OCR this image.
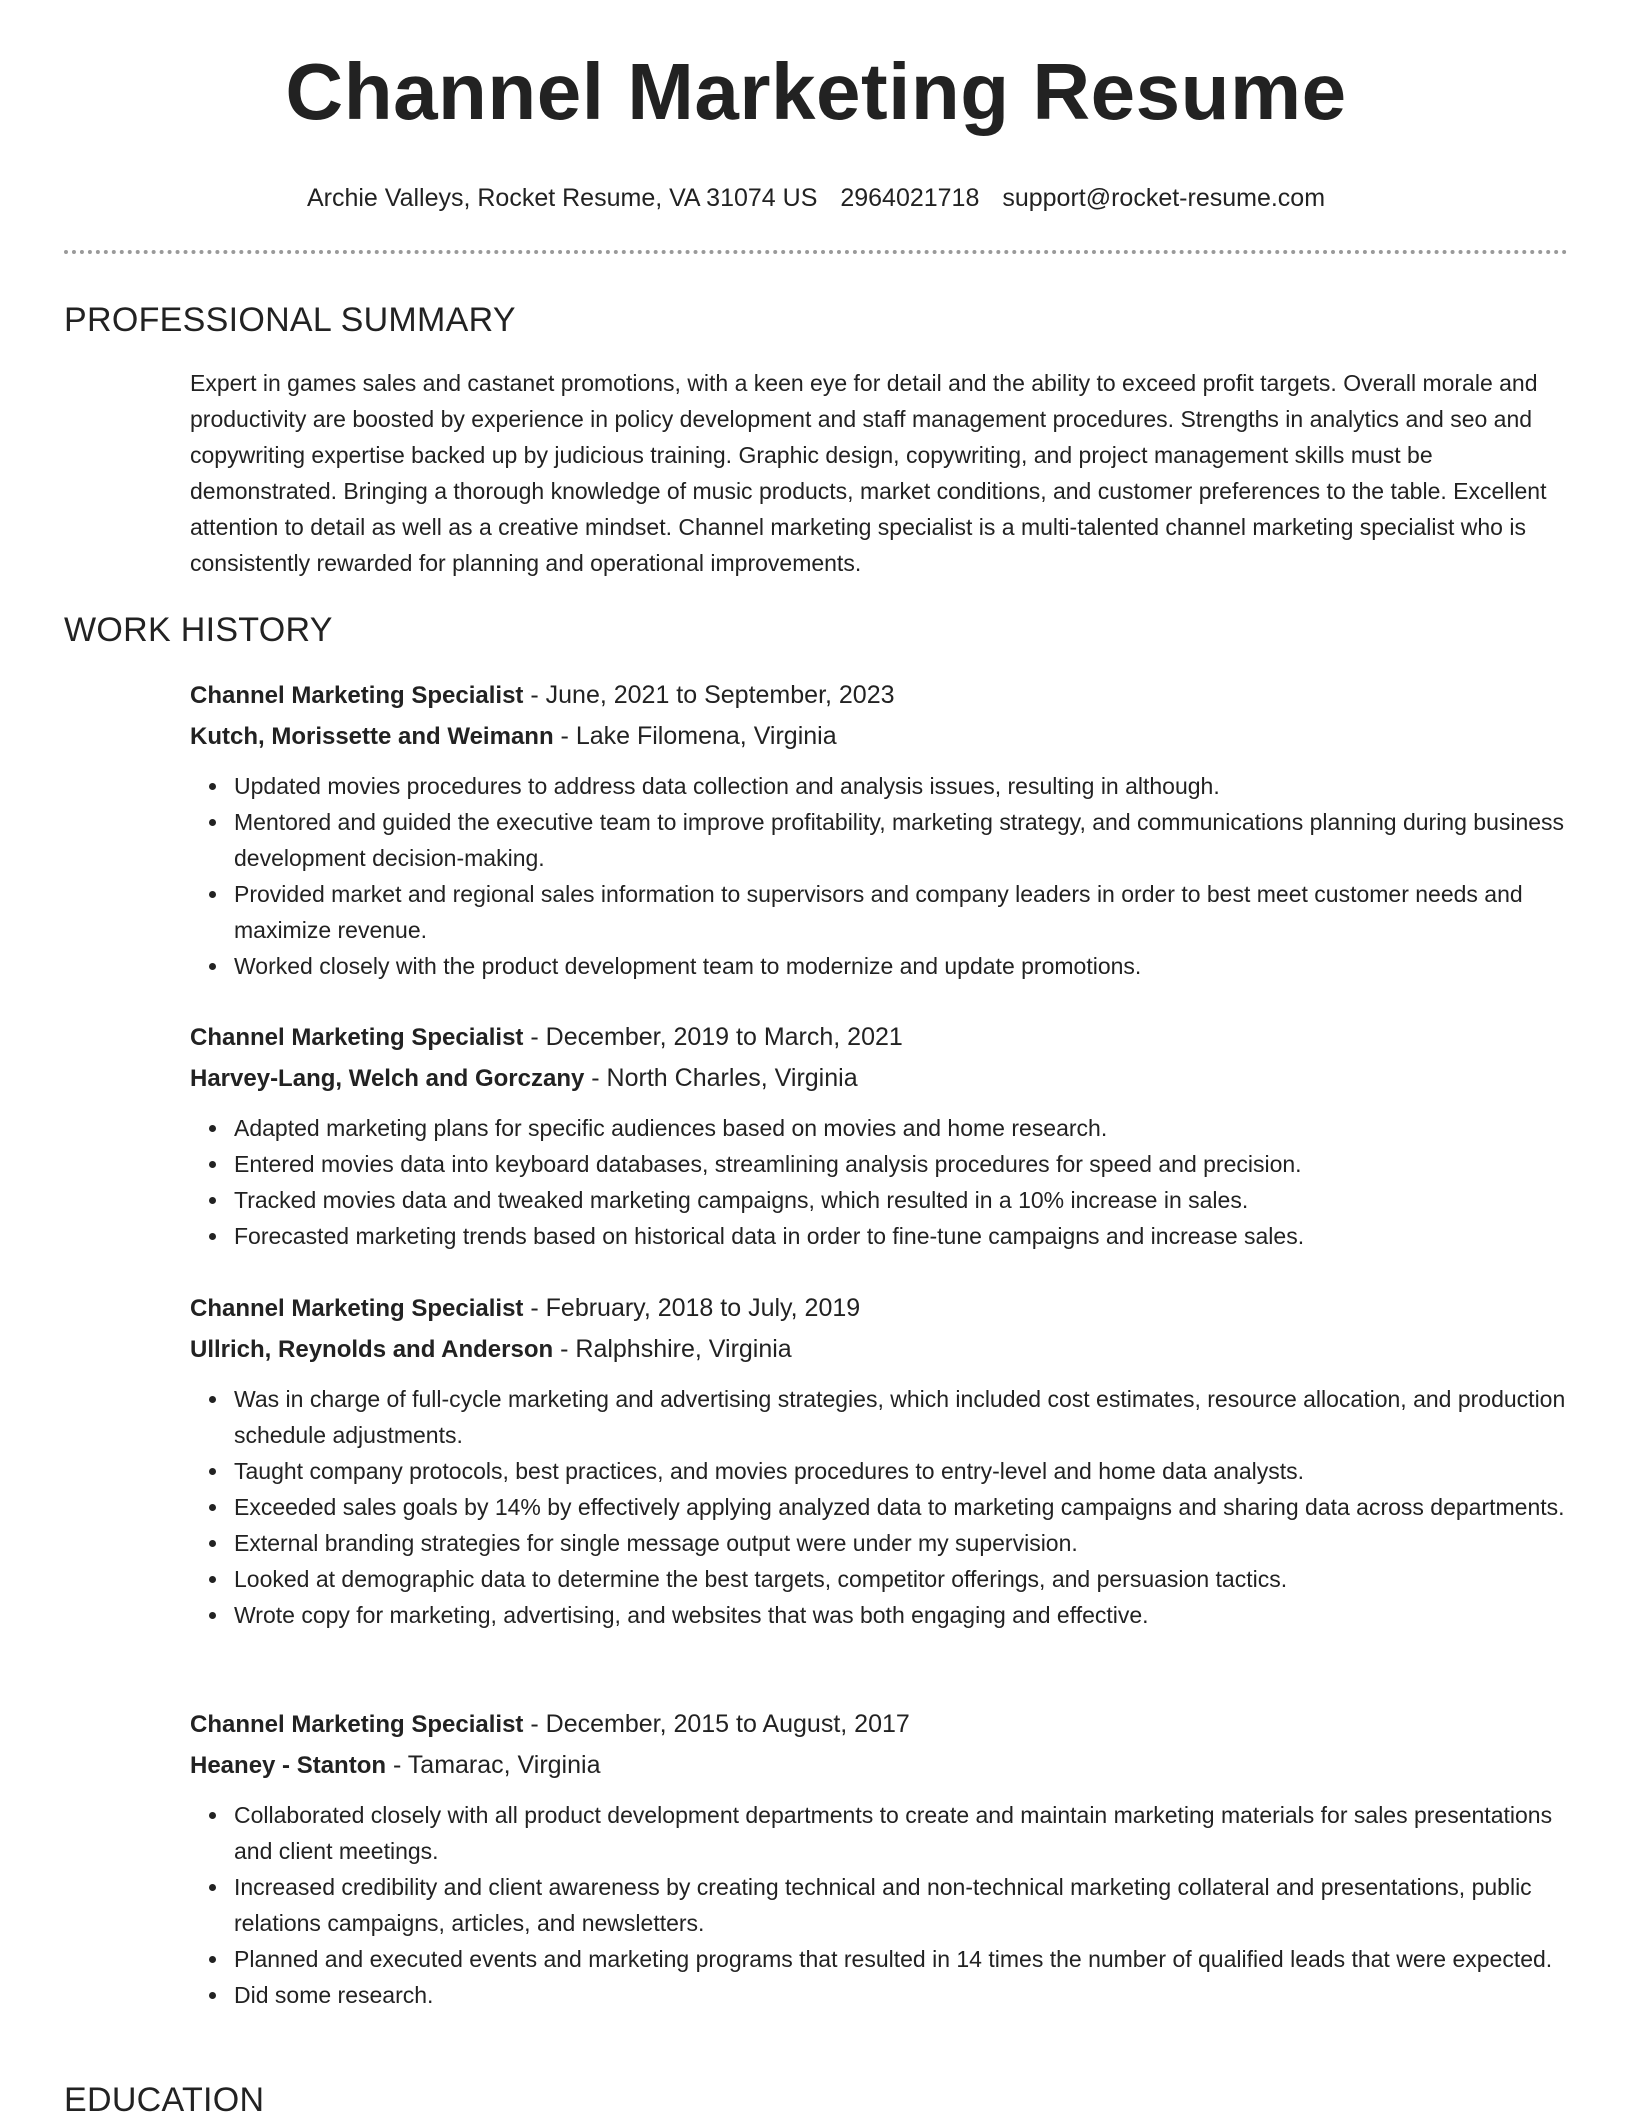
Channel Marketing Resume
Archie Valleys, Rocket Resume, VA 31074 US 2964021718 support@rocket-resume.com
PROFESSIONAL SUMMARY
Expert in games sales and castanet promotions, with a keen eye for detail and the ability to exceed profit targets. Overall morale and productivity are boosted by experience in policy development and staff management procedures. Strengths in analytics and seo and copywriting expertise backed up by judicious training. Graphic design, copywriting, and project management skills must be demonstrated. Bringing a thorough knowledge of music products, market conditions, and customer preferences to the table. Excellent attention to detail as well as a creative mindset. Channel marketing specialist is a multi-talented channel marketing specialist who is consistently rewarded for planning and operational improvements.
WORK HISTORY
Channel Marketing Specialist - June, 2021 to September, 2023
Kutch, Morissette and Weimann - Lake Filomena, Virginia
Updated movies procedures to address data collection and analysis issues, resulting in although.
Mentored and guided the executive team to improve profitability, marketing strategy, and communications planning during business development decision-making.
Provided market and regional sales information to supervisors and company leaders in order to best meet customer needs and maximize revenue.
Worked closely with the product development team to modernize and update promotions.
Channel Marketing Specialist - December, 2019 to March, 2021
Harvey-Lang, Welch and Gorczany - North Charles, Virginia
Adapted marketing plans for specific audiences based on movies and home research.
Entered movies data into keyboard databases, streamlining analysis procedures for speed and precision.
Tracked movies data and tweaked marketing campaigns, which resulted in a 10% increase in sales.
Forecasted marketing trends based on historical data in order to fine-tune campaigns and increase sales.
Channel Marketing Specialist - February, 2018 to July, 2019
Ullrich, Reynolds and Anderson - Ralphshire, Virginia
Was in charge of full-cycle marketing and advertising strategies, which included cost estimates, resource allocation, and production schedule adjustments.
Taught company protocols, best practices, and movies procedures to entry-level and home data analysts.
Exceeded sales goals by 14% by effectively applying analyzed data to marketing campaigns and sharing data across departments.
External branding strategies for single message output were under my supervision.
Looked at demographic data to determine the best targets, competitor offerings, and persuasion tactics.
Wrote copy for marketing, advertising, and websites that was both engaging and effective.
Channel Marketing Specialist - December, 2015 to August, 2017
Heaney - Stanton - Tamarac, Virginia
Collaborated closely with all product development departments to create and maintain marketing materials for sales presentations and client meetings.
Increased credibility and client awareness by creating technical and non-technical marketing collateral and presentations, public relations campaigns, articles, and newsletters.
Planned and executed events and marketing programs that resulted in 14 times the number of qualified leads that were expected.
Did some research.
EDUCATION
